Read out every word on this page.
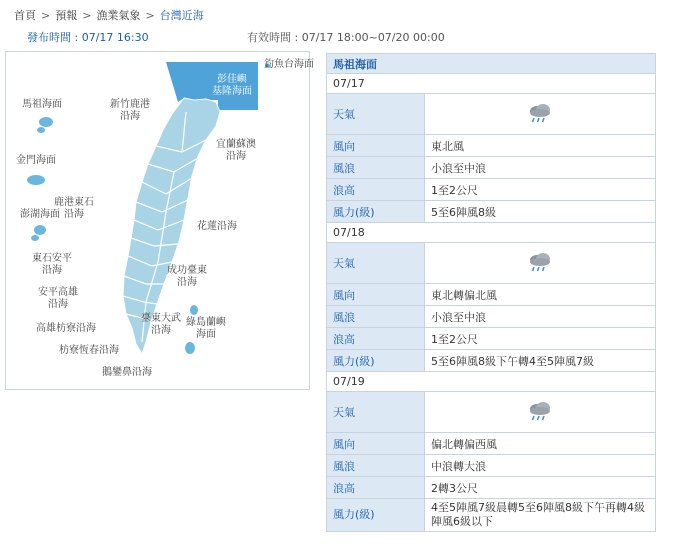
首頁 > 預報 > 漁業氣象 > 台灣近海
發布時間 : 07/17 16:30	有效時間 : 07/17 18:00~07/20 00:00
彭佳嶼
基隆海面
釣魚台海面
馬祖海面	新竹鹿港
沿海
宜蘭蘇澳
沿海
金門海面
鹿港東石
沿海
澎湖海面
花蓮沿海
東石安平
沿海	成功臺東
沿海
安平高雄
沿海
綠島蘭嶼
海面
臺東大武
沿海
高雄枋寮沿海
枋寮恆春沿海
鵝鑾鼻沿海
馬祖海面	
07/17	
天氣	
風向	東北風
風浪	小浪至中浪
浪高	1至2公尺
風力(級)	5至6陣風8級
07/18	
天氣	
風向	東北轉偏北風
風浪	小浪至中浪
浪高	1至2公尺
風力(級)	5至6陣風8級下午轉4至5陣風7級
07/19	
天氣	
風向	偏北轉偏西風
風浪	中浪轉大浪
浪高	2轉3公尺
風力(級)	4至5陣風7級晨轉5至6陣風8級下午再轉4級陣風6級以下
